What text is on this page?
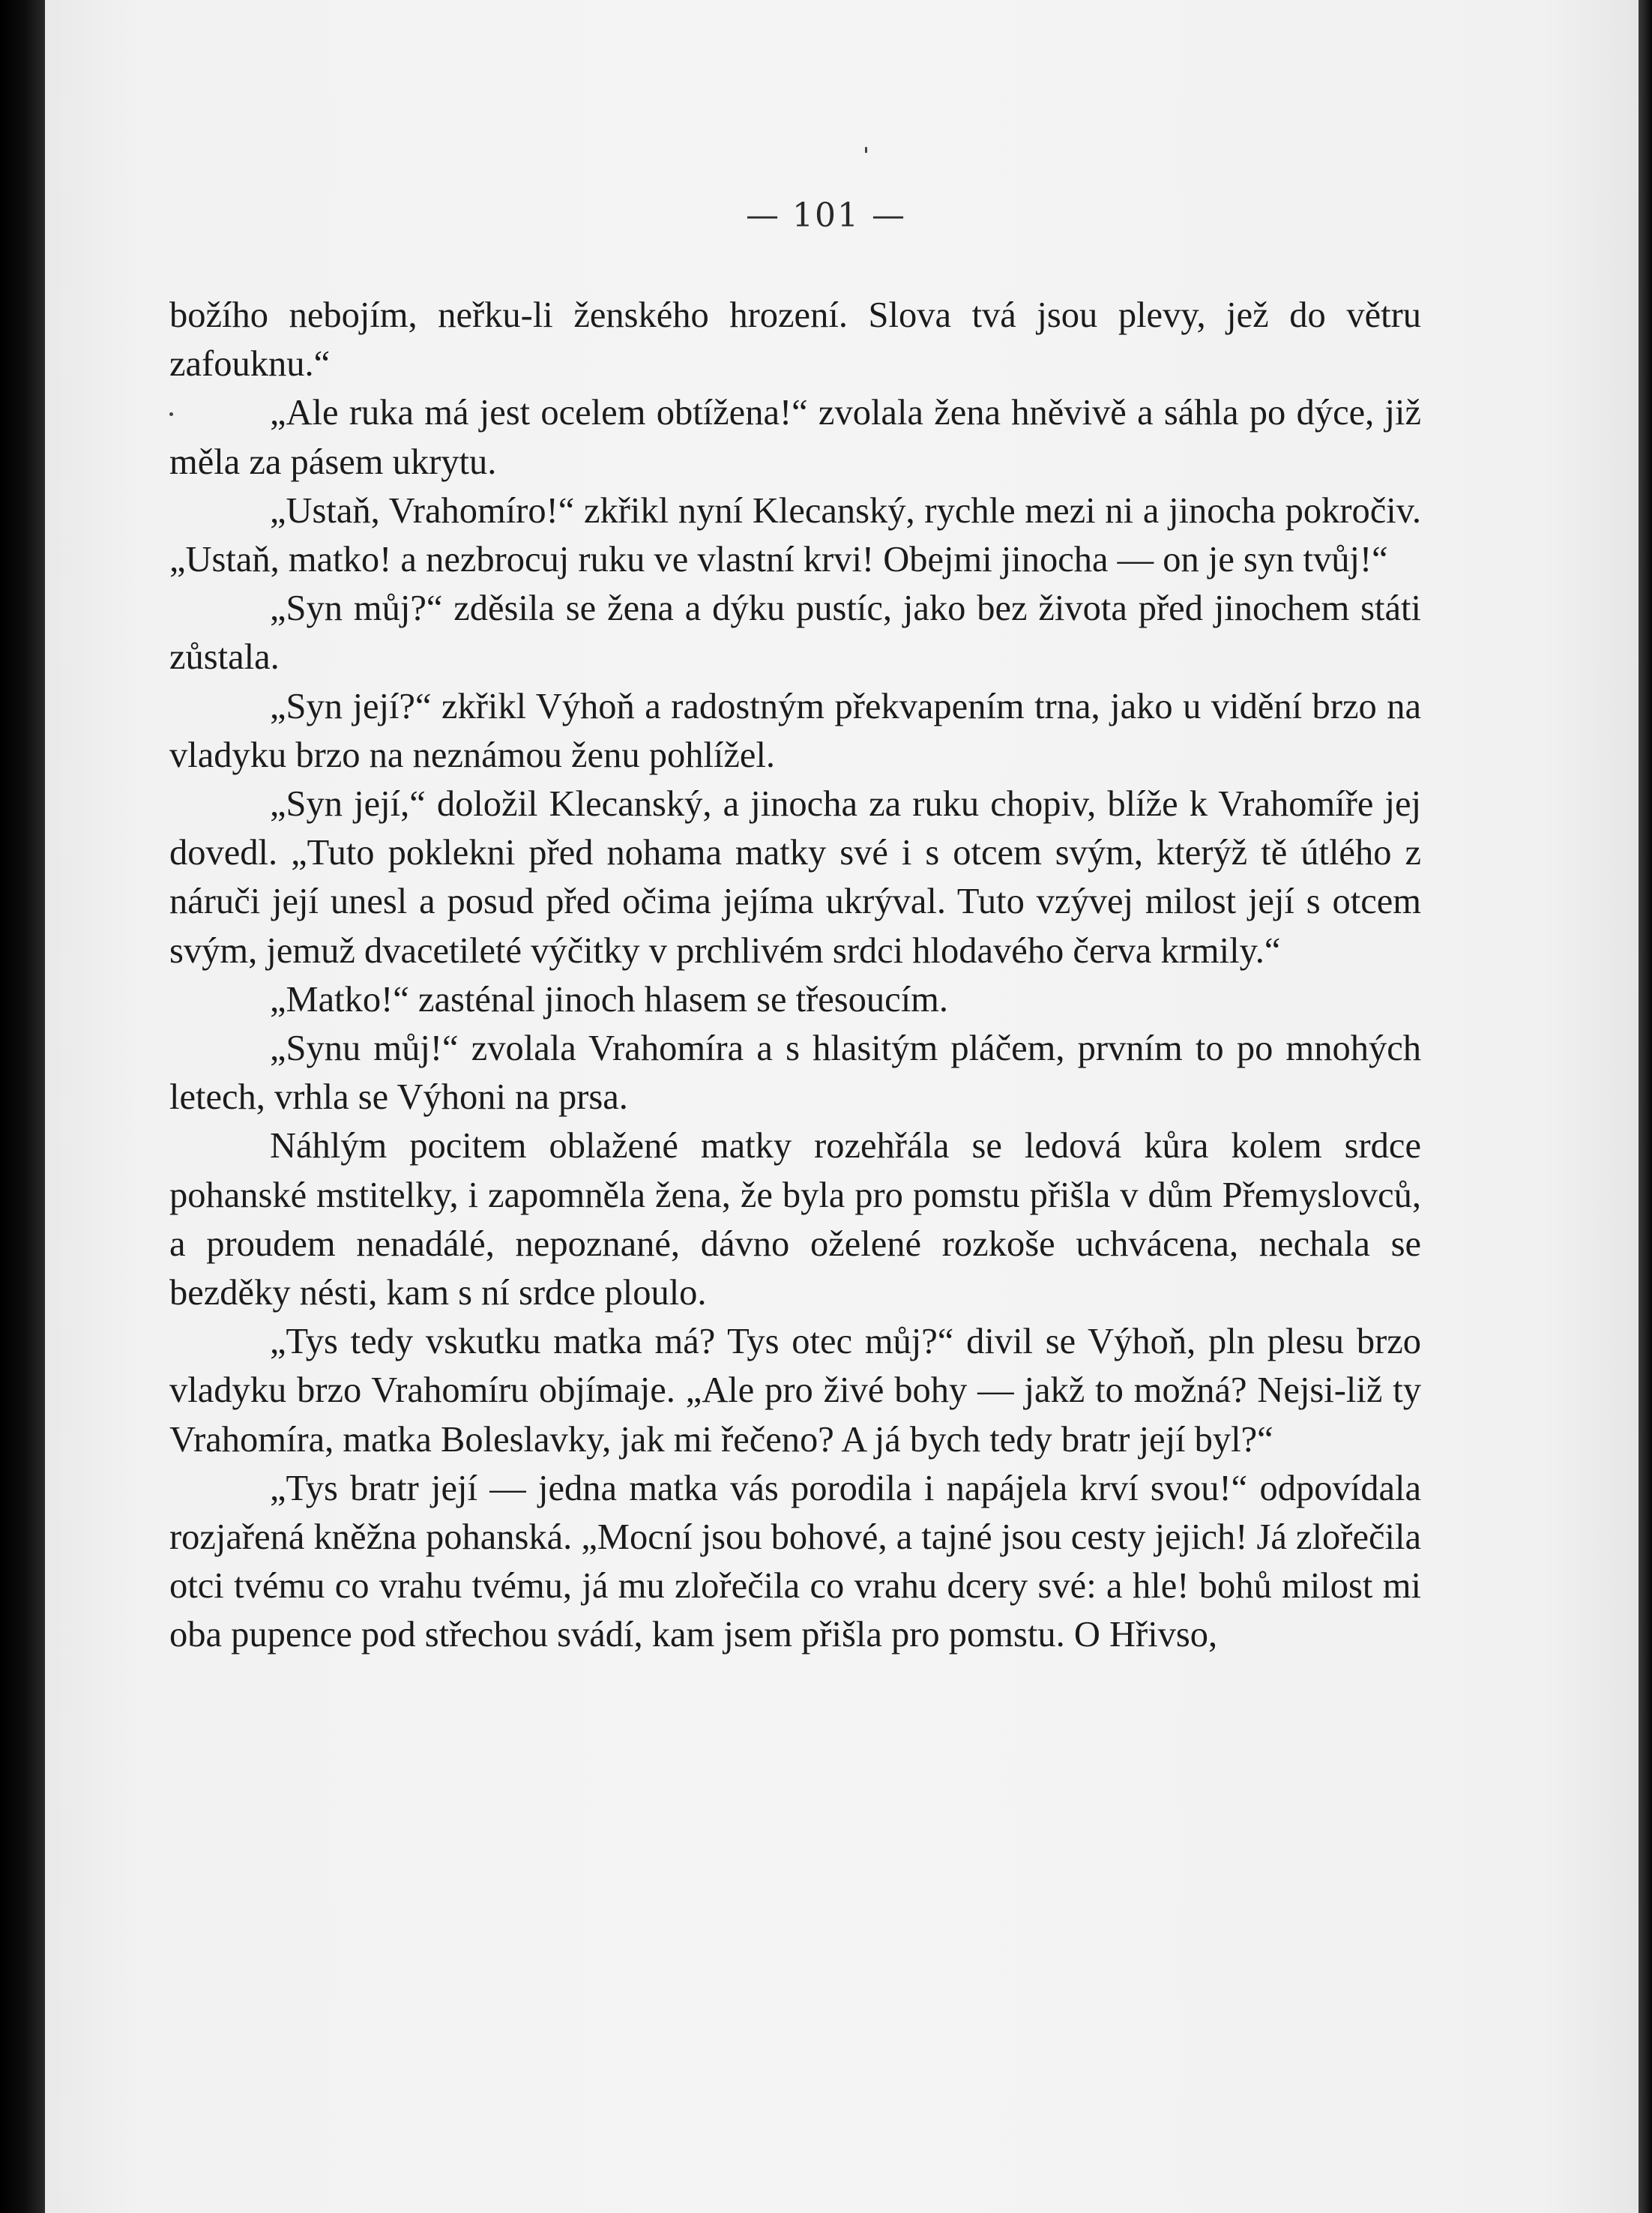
— 101 —

božího nebojím, neřku-li ženského hrození. Slova tvá jsou plevy, jež do větru zafouknu.“

„Ale ruka má jest ocelem obtížena!“ zvolala žena hněvivě a sáhla po dýce, již měla za pásem ukrytu.

„Ustaň, Vrahomíro!“ zkřikl nyní Klecanský, rychle mezi ni a jinocha pokročiv. „Ustaň, matko! a nezbrocuj ruku ve vlastní krvi! Obejmi jinocha — on je syn tvůj!“

„Syn můj?“ zděsila se žena a dýku pustíc, jako bez života před jinochem státi zůstala.

„Syn její?“ zkřikl Výhoň a radostným překvapením trna, jako u vidění brzo na vladyku brzo na neznámou ženu pohlížel.

„Syn její,“ doložil Klecanský, a jinocha za ruku chopiv, blíže k Vrahomíře jej dovedl. „Tuto poklekni před nohama matky své i s otcem svým, kterýž tě útlého z náruči její unesl a posud před očima jejíma ukrýval. Tuto vzývej milost její s otcem svým, jemuž dvacetileté výčitky v prchlivém srdci hlodavého červa krmily.“

„Matko!“ zasténal jinoch hlasem se třesoucím.

„Synu můj!“ zvolala Vrahomíra a s hlasitým pláčem, prvním to po mnohých letech, vrhla se Výhoni na prsa.

Náhlým pocitem oblažené matky rozehřála se ledová kůra kolem srdce pohanské mstitelky, i zapomněla žena, že byla pro pomstu přišla v dům Přemyslovců, a proudem nenadálé, nepoznané, dávno oželené rozkoše uchvácena, nechala se bezděky nésti, kam s ní srdce ploulo.

„Tys tedy vskutku matka má? Tys otec můj?“ divil se Výhoň, pln plesu brzo vladyku brzo Vrahomíru objímaje. „Ale pro živé bohy — jakž to možná? Nejsi-liž ty Vrahomíra, matka Boleslavky, jak mi řečeno? A já bych tedy bratr její byl?“

„Tys bratr její — jedna matka vás porodila i napájela krví svou!“ odpovídala rozjařená kněžna pohanská. „Mocní jsou bohové, a tajné jsou cesty jejich! Já zlořečila otci tvému co vrahu tvému, já mu zlořečila co vrahu dcery své: a hle! bohů milost mi oba pupence pod střechou svádí, kam jsem přišla pro pomstu. O Hřivso,
